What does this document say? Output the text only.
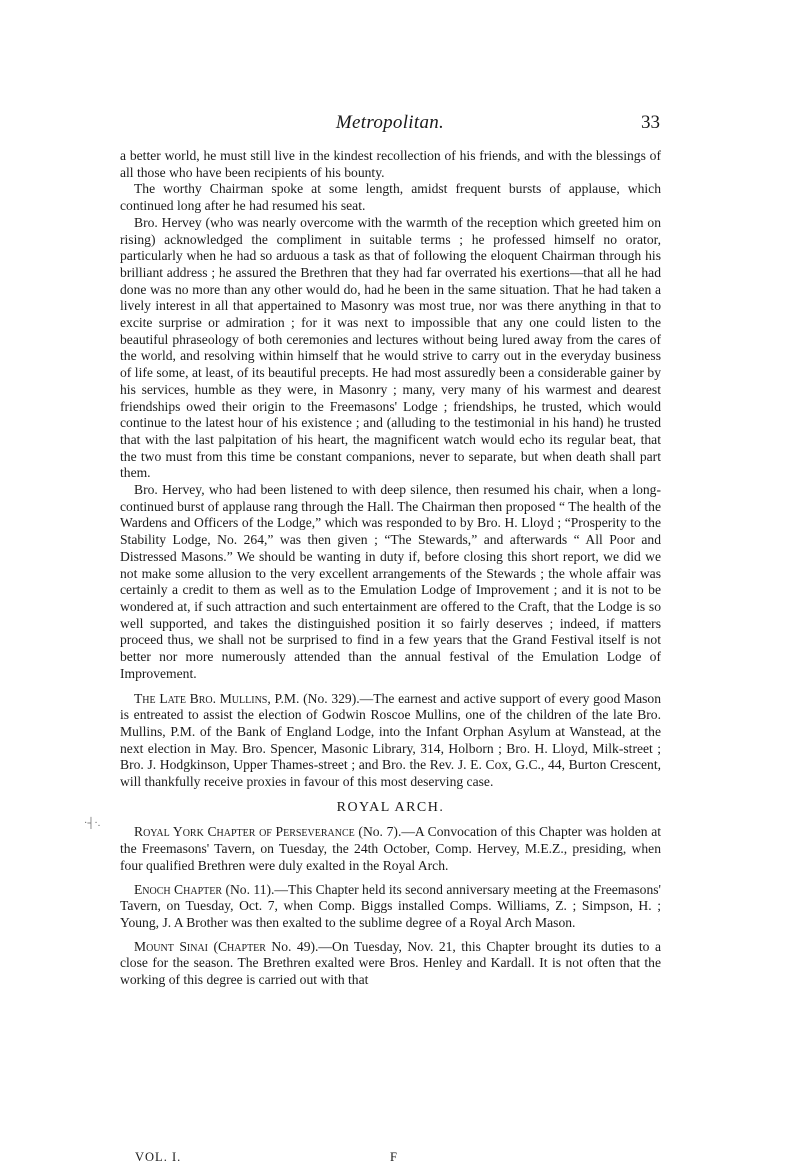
Metropolitan.	33
·┤·.

a better world, he must still live in the kindest recollection of his friends, and with the blessings of all those who have been recipients of his bounty.

The worthy Chairman spoke at some length, amidst frequent bursts of applause, which continued long after he had resumed his seat.

Bro. Hervey (who was nearly overcome with the warmth of the reception which greeted him on rising) acknowledged the compliment in suitable terms ; he professed himself no orator, particularly when he had so arduous a task as that of following the eloquent Chairman through his brilliant address ; he assured the Brethren that they had far overrated his exertions—that all he had done was no more than any other would do, had he been in the same situation. That he had taken a lively interest in all that appertained to Masonry was most true, nor was there anything in that to excite surprise or admiration ; for it was next to impossible that any one could listen to the beautiful phraseology of both ceremonies and lectures without being lured away from the cares of the world, and resolving within himself that he would strive to carry out in the everyday business of life some, at least, of its beautiful precepts. He had most assuredly been a considerable gainer by his services, humble as they were, in Masonry ; many, very many of his warmest and dearest friendships owed their origin to the Freemasons' Lodge ; friendships, he trusted, which would continue to the latest hour of his existence ; and (alluding to the testimonial in his hand) he trusted that with the last palpitation of his heart, the magnificent watch would echo its regular beat, that the two must from this time be constant companions, never to separate, but when death shall part them.

Bro. Hervey, who had been listened to with deep silence, then resumed his chair, when a long-continued burst of applause rang through the Hall. The Chairman then proposed “ The health of the Wardens and Officers of the Lodge,” which was responded to by Bro. H. Lloyd ; “Prosperity to the Stability Lodge, No. 264,” was then given ; “The Stewards,” and afterwards “ All Poor and Distressed Masons.” We should be wanting in duty if, before closing this short report, we did we not make some allusion to the very excellent arrangements of the Stewards ; the whole affair was certainly a credit to them as well as to the Emulation Lodge of Improvement ; and it is not to be wondered at, if such attraction and such entertainment are offered to the Craft, that the Lodge is so well supported, and takes the distinguished position it so fairly deserves ; indeed, if matters proceed thus, we shall not be surprised to find in a few years that the Grand Festival itself is not better nor more numerously attended than the annual festival of the Emulation Lodge of Improvement.

The Late Bro. Mullins, P.M. (No. 329).—The earnest and active support of every good Mason is entreated to assist the election of Godwin Roscoe Mullins, one of the children of the late Bro. Mullins, P.M. of the Bank of England Lodge, into the Infant Orphan Asylum at Wanstead, at the next election in May. Bro. Spencer, Masonic Library, 314, Holborn ; Bro. H. Lloyd, Milk-street ; Bro. J. Hodgkinson, Upper Thames-street ; and Bro. the Rev. J. E. Cox, G.C., 44, Burton Crescent, will thankfully receive proxies in favour of this most deserving case.

ROYAL ARCH.

Royal York Chapter of Perseverance (No. 7).—A Convocation of this Chapter was holden at the Freemasons' Tavern, on Tuesday, the 24th October, Comp. Hervey, M.E.Z., presiding, when four qualified Brethren were duly exalted in the Royal Arch.

Enoch Chapter (No. 11).—This Chapter held its second anniversary meeting at the Freemasons' Tavern, on Tuesday, Oct. 7, when Comp. Biggs installed Comps. Williams, Z. ; Simpson, H. ; Young, J. A Brother was then exalted to the sublime degree of a Royal Arch Mason.

Mount Sinai (Chapter No. 49).—On Tuesday, Nov. 21, this Chapter brought its duties to a close for the season. The Brethren exalted were Bros. Henley and Kardall. It is not often that the working of this degree is carried out with that

VOL. I.	F
